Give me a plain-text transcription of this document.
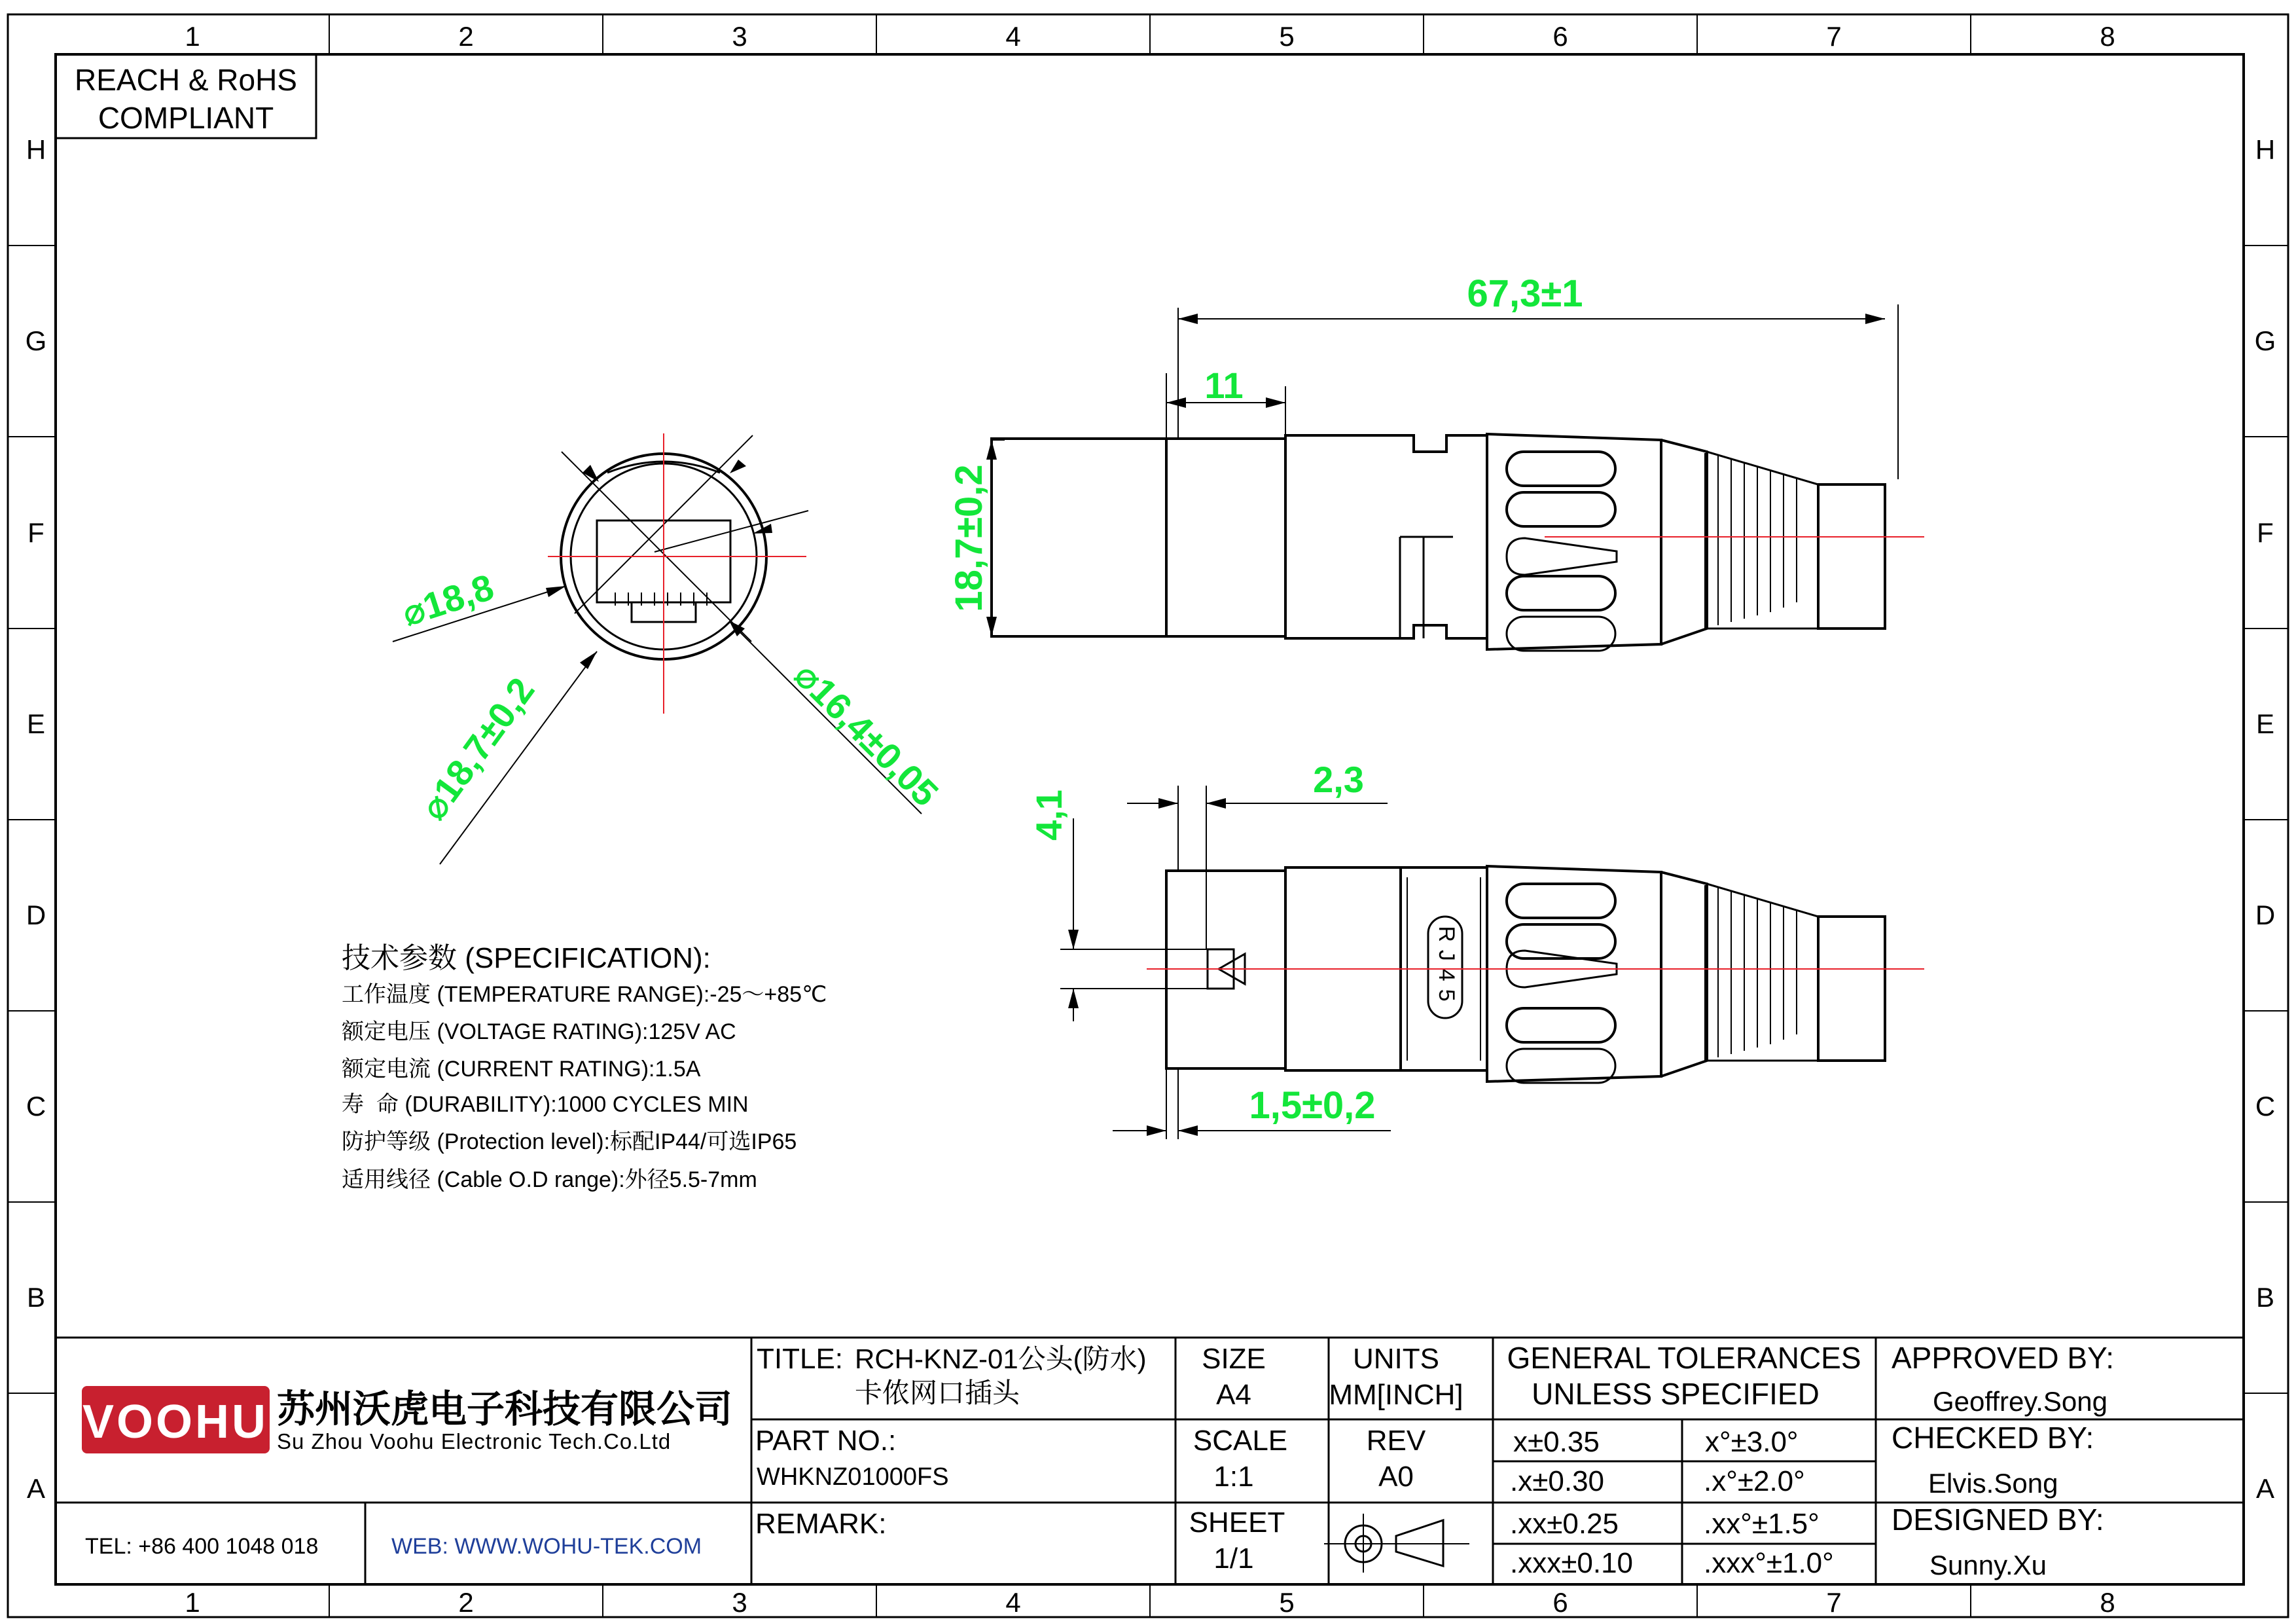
1	2	3	4	5	6	7	8
1	2	3	4	5	6	7	8
H
G
F
E
D
C
B
A
H
G
F
E
D
C
B
A
REACH & RoHS
COMPLIANT
RJ45
67,3±1
11
18,7±0,2
⌀18,8
⌀18,7±0,2	⌀16,4±0,05	2,3
4,1
1,5±0,2
技术参数 (SPECIFICATION):
工作温度 (TEMPERATURE RANGE):-25～+85℃
额定电压 (VOLTAGE RATING):125V AC
额定电流 (CURRENT RATING):1.5A
寿  命 (DURABILITY):1000 CYCLES MIN
防护等级 (Protection level):标配IP44/可选IP65
适用线径 (Cable O.D range):外径5.5-7mm
VOOHU 苏州沃虎电子科技有限公司
Su Zhou Voohu Electronic Tech.Co.Ltd
TEL: +86 400 1048 018	WEB: WWW.WOHU-TEK.COM
TITLE: RCH-KNZ-01公头(防水)
卡侬网口插头
PART NO.:
WHKNZ01000FS
REMARK:
SIZE
A4
UNITS
MM[INCH]
SCALE
1:1
REV
A0
SHEET
1/1
GENERAL TOLERANCES
UNLESS SPECIFIED
x±0.35	x°±3.0°
.x±0.30	.x°±2.0°
.xx±0.25	.xx°±1.5°
.xxx±0.10 .xxx°±1.0°
APPROVED BY:
Geoffrey.Song
CHECKED BY:
Elvis.Song
DESIGNED BY:
Sunny.Xu
